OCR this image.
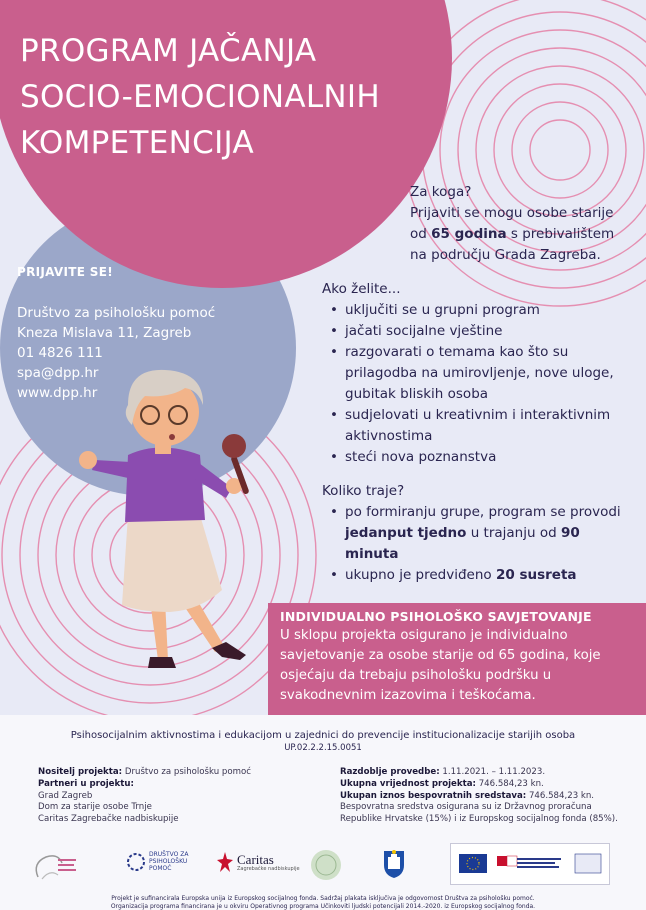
PROGRAM JAČANJA
SOCIO-EMOCIONALNIH
KOMPETENCIJA
PRIJAVITE SE!
Društvo za psihološku pomoć
Kneza Mislava 11, Zagreb
01 4826 111
spa@dpp.hr
www.dpp.hr
Za koga?
Prijaviti se mogu osobe starije od 65 godina s prebivalištem na području Grada Zagreba.
Ako želite...
• uključiti se u grupni program
• jačati socijalne vještine
• razgovarati o temama kao što su prilagodba na umirovljenje, nove uloge, gubitak bliskih osoba
• sudjelovati u kreativnim i interaktivnim aktivnostima
• steći nova poznanstva
Koliko traje?
• po formiranju grupe, program se provodi jedanput tjedno u trajanju od 90 minuta
• ukupno je predviđeno 20 susreta
INDIVIDUALNO PSIHOLOŠKO SAVJETOVANJE
U sklopu projekta osigurano je individualno savjetovanje za osobe starije od 65 godina, koje osjećaju da trebaju psihološku podršku u svakodnevnim izazovima i teškoćama.
Psihosocijalnim aktivnostima i edukacijom u zajednici do prevencije institucionalizacije starijih osoba
UP.02.2.2.15.0051
Nositelj projekta: Društvo za psihološku pomoć
Partneri u projektu:
Grad Zagreb
Dom za starije osobe Trnje
Caritas Zagrebačke nadbiskupije
Razdoblje provedbe: 1.11.2021. – 1.11.2023.
Ukupna vrijednost projekta: 746.584,23 kn.
Ukupan iznos bespovratnih sredstava: 746.584,23 kn.
Bespovratna sredstva osigurana su iz Državnog proračuna Republike Hrvatske (15%) i iz Europskog socijalnog fonda (85%).
DRUŠTVO ZA
PSIHOLOŠKU
POMOĆ
Caritas
Zagrebačke nadbiskupije
Projekt je sufinancirala Europska unija iz Europskog socijalnog fonda. Sadržaj plakata isključiva je odgovornost Društva za psihološku pomoć.
Organizacija programa financirana je u okviru Operativnog programa Učinkoviti ljudski potencijali 2014.-2020. iz Europskog socijalnog fonda.
